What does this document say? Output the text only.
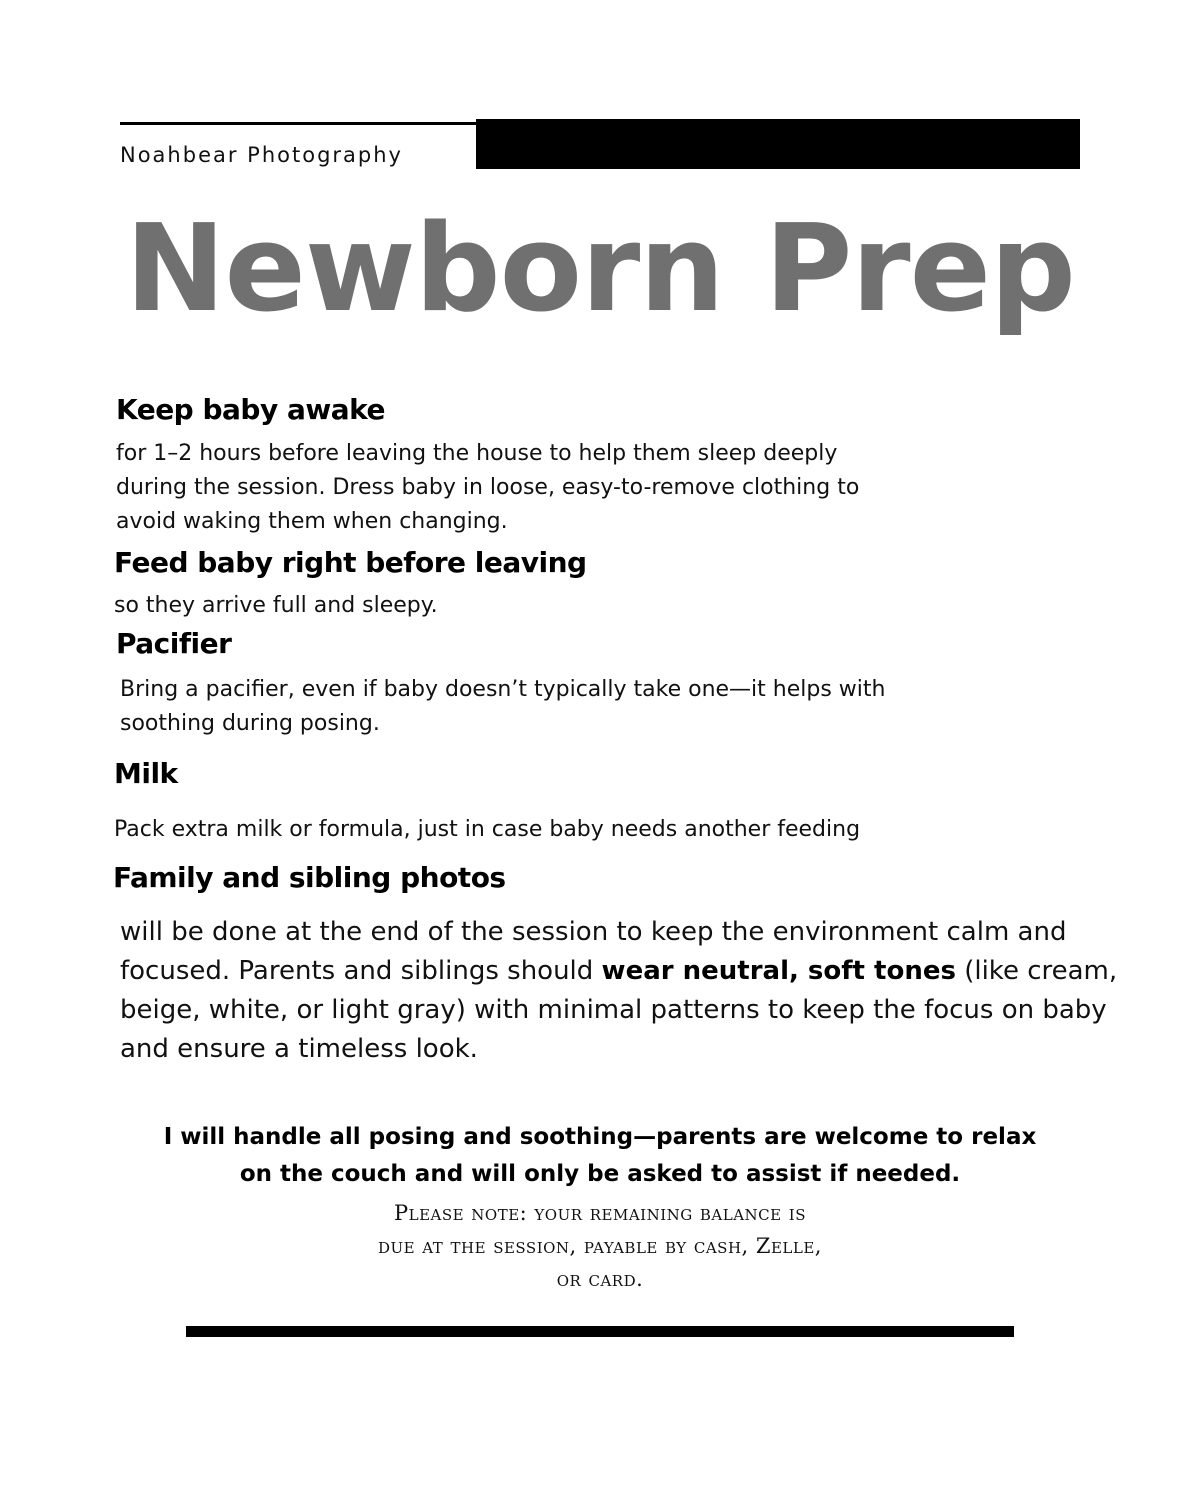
Noahbear Photography
Newborn Prep
Keep baby awake
for 1–2 hours before leaving the house to help them sleep deeply
during the session. Dress baby in loose, easy-to-remove clothing to
avoid waking them when changing.
Feed baby right before leaving
so they arrive full and sleepy.
Pacifier
Bring a pacifier, even if baby doesn’t typically take one—it helps with
soothing during posing.
Milk
Pack extra milk or formula, just in case baby needs another feeding
Family and sibling photos
will be done at the end of the session to keep the environment calm and
focused. Parents and siblings should wear neutral, soft tones (like cream,
beige, white, or light gray) with minimal patterns to keep the focus on baby
and ensure a timeless look.
I will handle all posing and soothing—parents are welcome to relax
on the couch and will only be asked to assist if needed.
Please note: your remaining balance is
due at the session, payable by cash, Zelle,
or card.
